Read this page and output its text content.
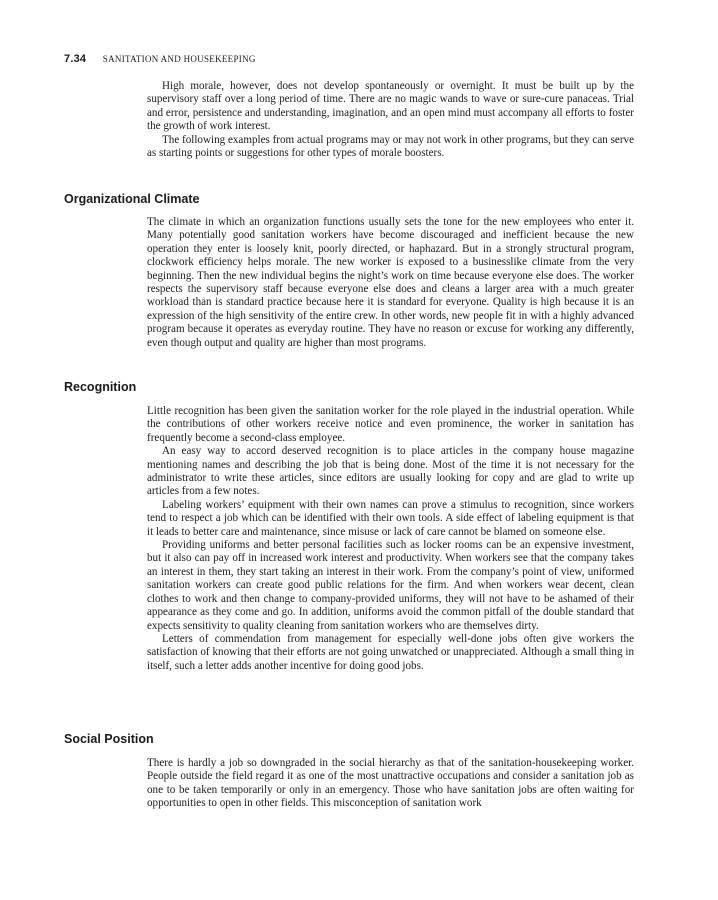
7.34 SANITATION AND HOUSEKEEPING

High morale, however, does not develop spontaneously or overnight. It must be built up by the supervisory staff over a long period of time. There are no magic wands to wave or sure-cure panaceas. Trial and error, persistence and understanding, imagination, and an open mind must accompany all efforts to foster the growth of work interest.

The following examples from actual programs may or may not work in other programs, but they can serve as starting points or suggestions for other types of morale boosters.

Organizational Climate

The climate in which an organization functions usually sets the tone for the new employees who enter it. Many potentially good sanitation workers have become discouraged and inefficient because the new operation they enter is loosely knit, poorly directed, or haphazard. But in a strongly structural program, clockwork efficiency helps morale. The new worker is exposed to a businesslike climate from the very beginning. Then the new individual begins the night’s work on time because everyone else does. The worker respects the supervisory staff because everyone else does and cleans a larger area with a much greater workload than is standard practice because here it is standard for everyone. Quality is high because it is an expression of the high sensitivity of the entire crew. In other words, new people fit in with a highly advanced program because it operates as everyday routine. They have no reason or excuse for working any differently, even though output and quality are higher than most programs.

Recognition

Little recognition has been given the sanitation worker for the role played in the industrial operation. While the contributions of other workers receive notice and even prominence, the worker in sanitation has frequently become a second-class employee.

An easy way to accord deserved recognition is to place articles in the company house magazine mentioning names and describing the job that is being done. Most of the time it is not necessary for the administrator to write these articles, since editors are usually looking for copy and are glad to write up articles from a few notes.

Labeling workers’ equipment with their own names can prove a stimulus to recognition, since workers tend to respect a job which can be identified with their own tools. A side effect of labeling equipment is that it leads to better care and maintenance, since misuse or lack of care cannot be blamed on someone else.

Providing uniforms and better personal facilities such as locker rooms can be an expensive investment, but it also can pay off in increased work interest and productivity. When workers see that the company takes an interest in them, they start taking an interest in their work. From the company’s point of view, uniformed sanitation workers can create good public relations for the firm. And when workers wear decent, clean clothes to work and then change to company-provided uniforms, they will not have to be ashamed of their appearance as they come and go. In addition, uniforms avoid the common pitfall of the double standard that expects sensitivity to quality cleaning from sanitation workers who are themselves dirty.

Letters of commendation from management for especially well-done jobs often give workers the satisfaction of knowing that their efforts are not going unwatched or unappreciated. Although a small thing in itself, such a letter adds another incentive for doing good jobs.

Social Position

There is hardly a job so downgraded in the social hierarchy as that of the sanitation-housekeeping worker. People outside the field regard it as one of the most unattractive occupations and consider a sanitation job as one to be taken temporarily or only in an emergency. Those who have sanitation jobs are often waiting for opportunities to open in other fields. This misconception of sanitation work
